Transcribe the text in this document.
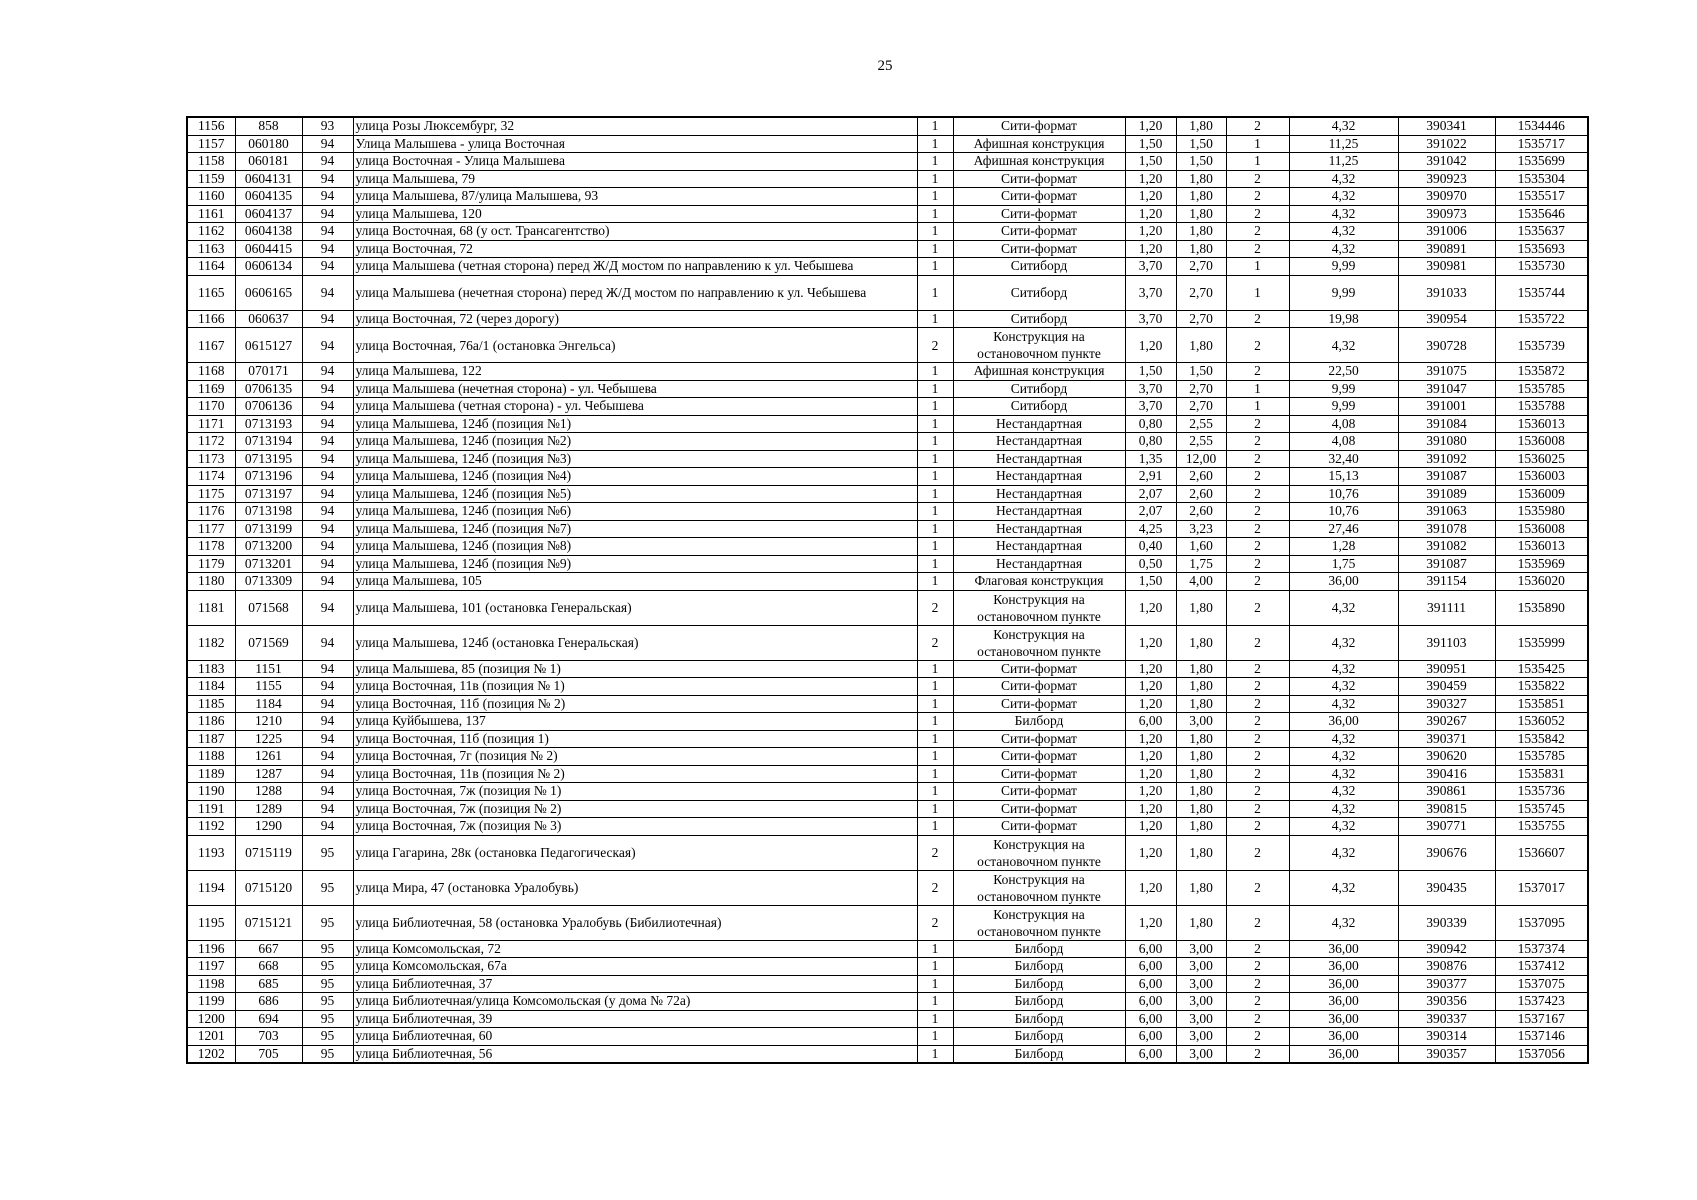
25
1156	858	93	улица Розы Люксембург, 32	1	Сити-формат	1,20	1,80	2	4,32	390341	1534446
1157	060180	94	Улица Малышева - улица Восточная	1	Афишная конструкция	1,50	1,50	1	11,25	391022	1535717
1158	060181	94	улица Восточная - Улица Малышева	1	Афишная конструкция	1,50	1,50	1	11,25	391042	1535699
1159	0604131	94	улица Малышева, 79	1	Сити-формат	1,20	1,80	2	4,32	390923	1535304
1160	0604135	94	улица Малышева, 87/улица Малышева, 93	1	Сити-формат	1,20	1,80	2	4,32	390970	1535517
1161	0604137	94	улица Малышева, 120	1	Сити-формат	1,20	1,80	2	4,32	390973	1535646
1162	0604138	94	улица Восточная, 68 (у ост. Трансагентство)	1	Сити-формат	1,20	1,80	2	4,32	391006	1535637
1163	0604415	94	улица Восточная, 72	1	Сити-формат	1,20	1,80	2	4,32	390891	1535693
1164	0606134	94	улица Малышева (четная сторона) перед Ж/Д мостом по направлению к ул. Чебышева	1	Ситиборд	3,70	2,70	1	9,99	390981	1535730
1165	0606165	94	улица Малышева (нечетная сторона) перед Ж/Д мостом по направлению к ул. Чебышева	1	Ситиборд	3,70	2,70	1	9,99	391033	1535744
1166	060637	94	улица Восточная, 72 (через дорогу)	1	Ситиборд	3,70	2,70	2	19,98	390954	1535722
1167	0615127	94	улица Восточная, 76а/1 (остановка Энгельса)	2	Конструкция на остановочном пункте	1,20	1,80	2	4,32	390728	1535739
1168	070171	94	улица Малышева, 122	1	Афишная конструкция	1,50	1,50	2	22,50	391075	1535872
1169	0706135	94	улица Малышева (нечетная сторона) - ул. Чебышева	1	Ситиборд	3,70	2,70	1	9,99	391047	1535785
1170	0706136	94	улица Малышева (четная сторона) - ул. Чебышева	1	Ситиборд	3,70	2,70	1	9,99	391001	1535788
1171	0713193	94	улица Малышева, 124б (позиция №1)	1	Нестандартная	0,80	2,55	2	4,08	391084	1536013
1172	0713194	94	улица Малышева, 124б (позиция №2)	1	Нестандартная	0,80	2,55	2	4,08	391080	1536008
1173	0713195	94	улица Малышева, 124б (позиция №3)	1	Нестандартная	1,35	12,00	2	32,40	391092	1536025
1174	0713196	94	улица Малышева, 124б (позиция №4)	1	Нестандартная	2,91	2,60	2	15,13	391087	1536003
1175	0713197	94	улица Малышева, 124б (позиция №5)	1	Нестандартная	2,07	2,60	2	10,76	391089	1536009
1176	0713198	94	улица Малышева, 124б (позиция №6)	1	Нестандартная	2,07	2,60	2	10,76	391063	1535980
1177	0713199	94	улица Малышева, 124б (позиция №7)	1	Нестандартная	4,25	3,23	2	27,46	391078	1536008
1178	0713200	94	улица Малышева, 124б (позиция №8)	1	Нестандартная	0,40	1,60	2	1,28	391082	1536013
1179	0713201	94	улица Малышева, 124б (позиция №9)	1	Нестандартная	0,50	1,75	2	1,75	391087	1535969
1180	0713309	94	улица Малышева, 105	1	Флаговая конструкция	1,50	4,00	2	36,00	391154	1536020
1181	071568	94	улица Малышева, 101 (остановка Генеральская)	2	Конструкция на остановочном пункте	1,20	1,80	2	4,32	391111	1535890
1182	071569	94	улица Малышева, 124б (остановка Генеральская)	2	Конструкция на остановочном пункте	1,20	1,80	2	4,32	391103	1535999
1183	1151	94	улица Малышева, 85 (позиция № 1)	1	Сити-формат	1,20	1,80	2	4,32	390951	1535425
1184	1155	94	улица Восточная, 11в (позиция № 1)	1	Сити-формат	1,20	1,80	2	4,32	390459	1535822
1185	1184	94	улица Восточная, 11б (позиция № 2)	1	Сити-формат	1,20	1,80	2	4,32	390327	1535851
1186	1210	94	улица Куйбышева, 137	1	Билборд	6,00	3,00	2	36,00	390267	1536052
1187	1225	94	улица Восточная, 11б (позиция 1)	1	Сити-формат	1,20	1,80	2	4,32	390371	1535842
1188	1261	94	улица Восточная, 7г (позиция № 2)	1	Сити-формат	1,20	1,80	2	4,32	390620	1535785
1189	1287	94	улица Восточная, 11в (позиция № 2)	1	Сити-формат	1,20	1,80	2	4,32	390416	1535831
1190	1288	94	улица Восточная, 7ж (позиция № 1)	1	Сити-формат	1,20	1,80	2	4,32	390861	1535736
1191	1289	94	улица Восточная, 7ж (позиция № 2)	1	Сити-формат	1,20	1,80	2	4,32	390815	1535745
1192	1290	94	улица Восточная, 7ж (позиция № 3)	1	Сити-формат	1,20	1,80	2	4,32	390771	1535755
1193	0715119	95	улица Гагарина, 28к (остановка Педагогическая)	2	Конструкция на остановочном пункте	1,20	1,80	2	4,32	390676	1536607
1194	0715120	95	улица Мира, 47 (остановка Уралобувь)	2	Конструкция на остановочном пункте	1,20	1,80	2	4,32	390435	1537017
1195	0715121	95	улица Библиотечная, 58 (остановка Уралобувь (Бибилиотечная)	2	Конструкция на остановочном пункте	1,20	1,80	2	4,32	390339	1537095
1196	667	95	улица Комсомольская, 72	1	Билборд	6,00	3,00	2	36,00	390942	1537374
1197	668	95	улица Комсомольская, 67а	1	Билборд	6,00	3,00	2	36,00	390876	1537412
1198	685	95	улица Библиотечная, 37	1	Билборд	6,00	3,00	2	36,00	390377	1537075
1199	686	95	улица Библиотечная/улица Комсомольская (у дома № 72а)	1	Билборд	6,00	3,00	2	36,00	390356	1537423
1200	694	95	улица Библиотечная, 39	1	Билборд	6,00	3,00	2	36,00	390337	1537167
1201	703	95	улица Библиотечная, 60	1	Билборд	6,00	3,00	2	36,00	390314	1537146
1202	705	95	улица Библиотечная, 56	1	Билборд	6,00	3,00	2	36,00	390357	1537056
